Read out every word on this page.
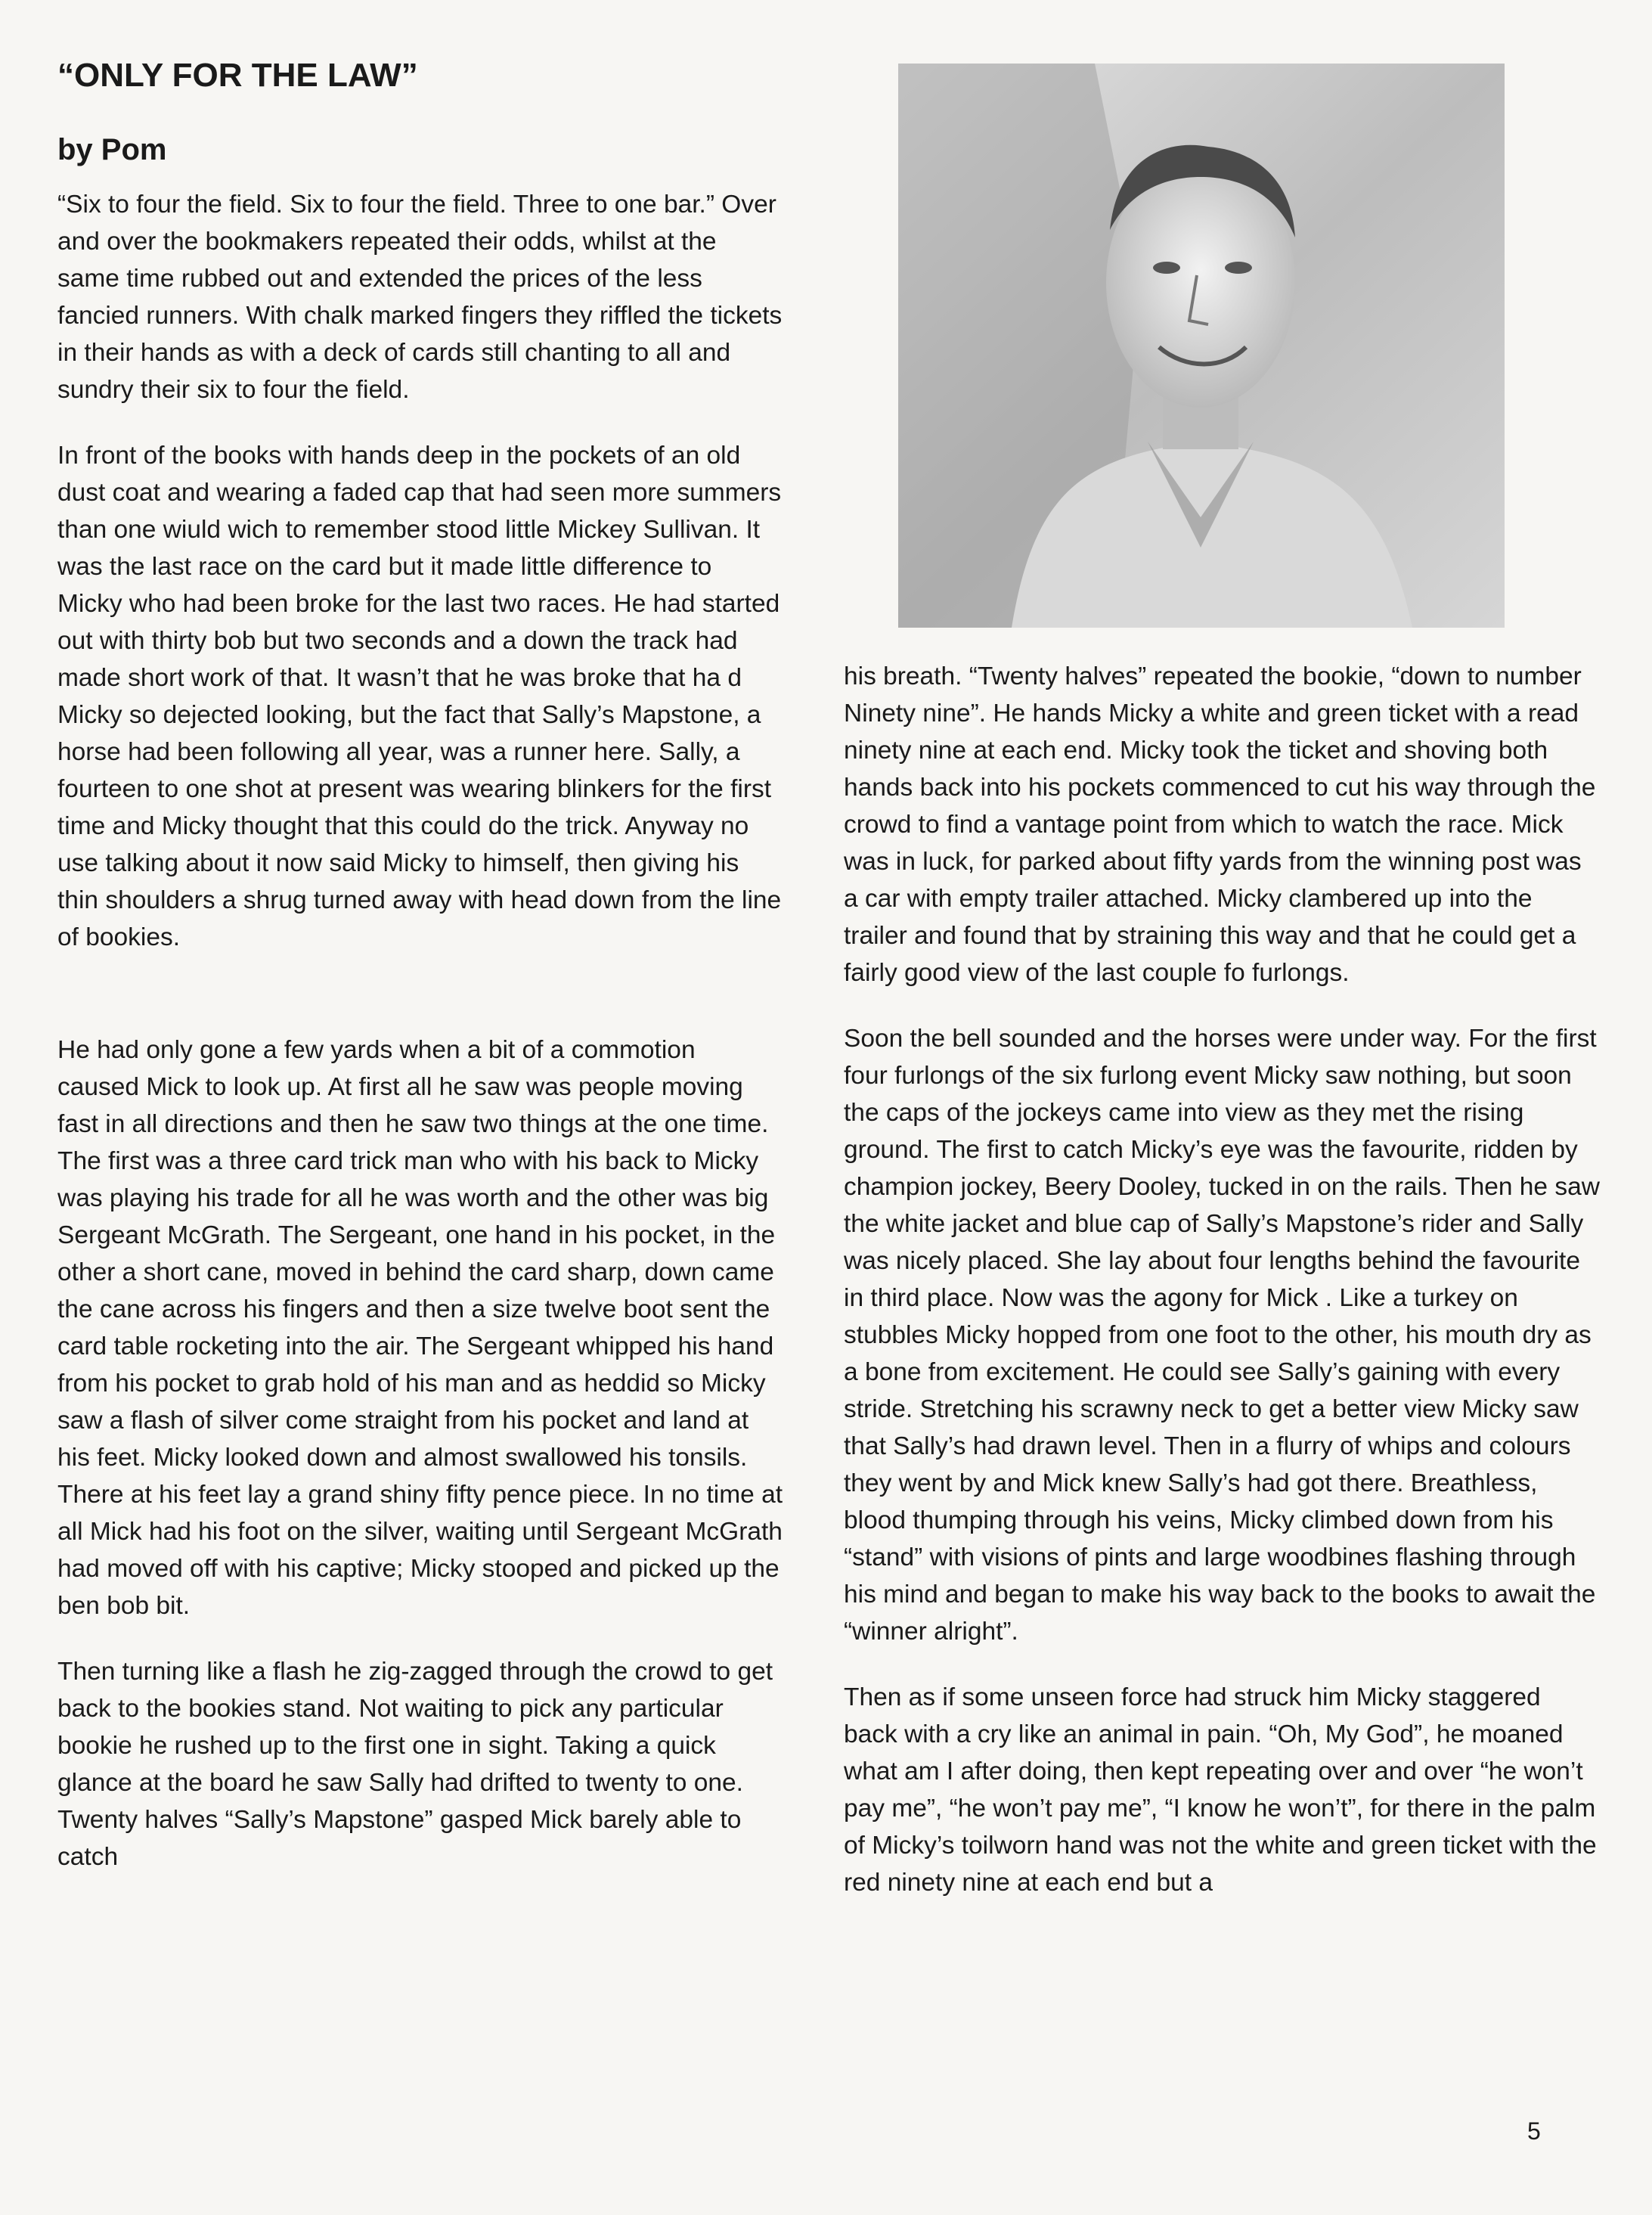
“ONLY FOR THE LAW”
by Pom

“Six to four the field. Six to four the field. Three to one bar.” Over and over the bookmakers repeated their odds, whilst at the same time rubbed out and extended the prices of the less fancied runners. With chalk marked fingers they riffled the tickets in their hands as with a deck of cards still chanting to all and sundry their six to four the field.

In front of the books with hands deep in the pockets of an old dust coat and wearing a faded cap that had seen more summers than one wiuld wich to remember stood little Mickey Sullivan. It was the last race on the card but it made little difference to Micky who had been broke for the last two races. He had started out with thirty bob but two seconds and a down the track had made short work of that. It wasn’t that he was broke that ha d Micky so dejected looking, but the fact that Sally’s Mapstone, a horse had been following all year, was a runner here. Sally, a fourteen to one shot at present was wearing blinkers for the first time and Micky thought that this could do the trick. Anyway no use talking about it now said Micky to himself, then giving his thin shoulders a shrug turned away with head down from the line of bookies.

He had only gone a few yards when a bit of a commotion caused Mick to look up. At first all he saw was people moving fast in all directions and then he saw two things at the one time. The first was a three card trick man who with his back to Micky was playing his trade for all he was worth and the other was big Sergeant McGrath. The Sergeant, one hand in his pocket, in the other a short cane, moved in behind the card sharp, down came the cane across his fingers and then a size twelve boot sent the card table rocketing into the air. The Sergeant whipped his hand from his pocket to grab hold of his man and as heddid so Micky saw a flash of silver come straight from his pocket and land at his feet. Micky looked down and almost swallowed his tonsils. There at his feet lay a grand shiny fifty pence piece. In no time at all Mick had his foot on the silver, waiting until Sergeant McGrath had moved off with his captive; Micky stooped and picked up the ben bob bit.

Then turning like a flash he zig-zagged through the crowd to get back to the bookies stand. Not waiting to pick any particular bookie he rushed up to the first one in sight. Taking a quick glance at the board he saw Sally had drifted to twenty to one. Twenty halves “Sally’s Mapstone” gasped Mick barely able to catch

his breath. “Twenty halves” repeated the bookie, “down to number Ninety nine”. He hands Micky a white and green ticket with a read ninety nine at each end. Micky took the ticket and shoving both hands back into his pockets commenced to cut his way through the crowd to find a vantage point from which to watch the race. Mick was in luck, for parked about fifty yards from the winning post was a car with empty trailer attached. Micky clambered up into the trailer and found that by straining this way and that he could get a fairly good view of the last couple fo furlongs.

Soon the bell sounded and the horses were under way. For the first four furlongs of the six furlong event Micky saw nothing, but soon the caps of the jockeys came into view as they met the rising ground. The first to catch Micky’s eye was the favourite, ridden by champion jockey, Beery Dooley, tucked in on the rails. Then he saw the white jacket and blue cap of Sally’s Mapstone’s rider and Sally was nicely placed. She lay about four lengths behind the favourite in third place. Now was the agony for Mick . Like a turkey on stubbles Micky hopped from one foot to the other, his mouth dry as a bone from excitement. He could see Sally’s gaining with every stride. Stretching his scrawny neck to get a better view Micky saw that Sally’s had drawn level. Then in a flurry of whips and colours they went by and Mick knew Sally’s had got there. Breathless, blood thumping through his veins, Micky climbed down from his “stand” with visions of pints and large woodbines flashing through his mind and began to make his way back to the books to await the “winner alright”.

Then as if some unseen force had struck him Micky staggered back with a cry like an animal in pain. “Oh, My God”, he moaned what am I after doing, then kept repeating over and over “he won’t pay me”, “he won’t pay me”, “I know he won’t”, for there in the palm of Micky’s toilworn hand was not the white and green ticket with the red ninety nine at each end but a

5
